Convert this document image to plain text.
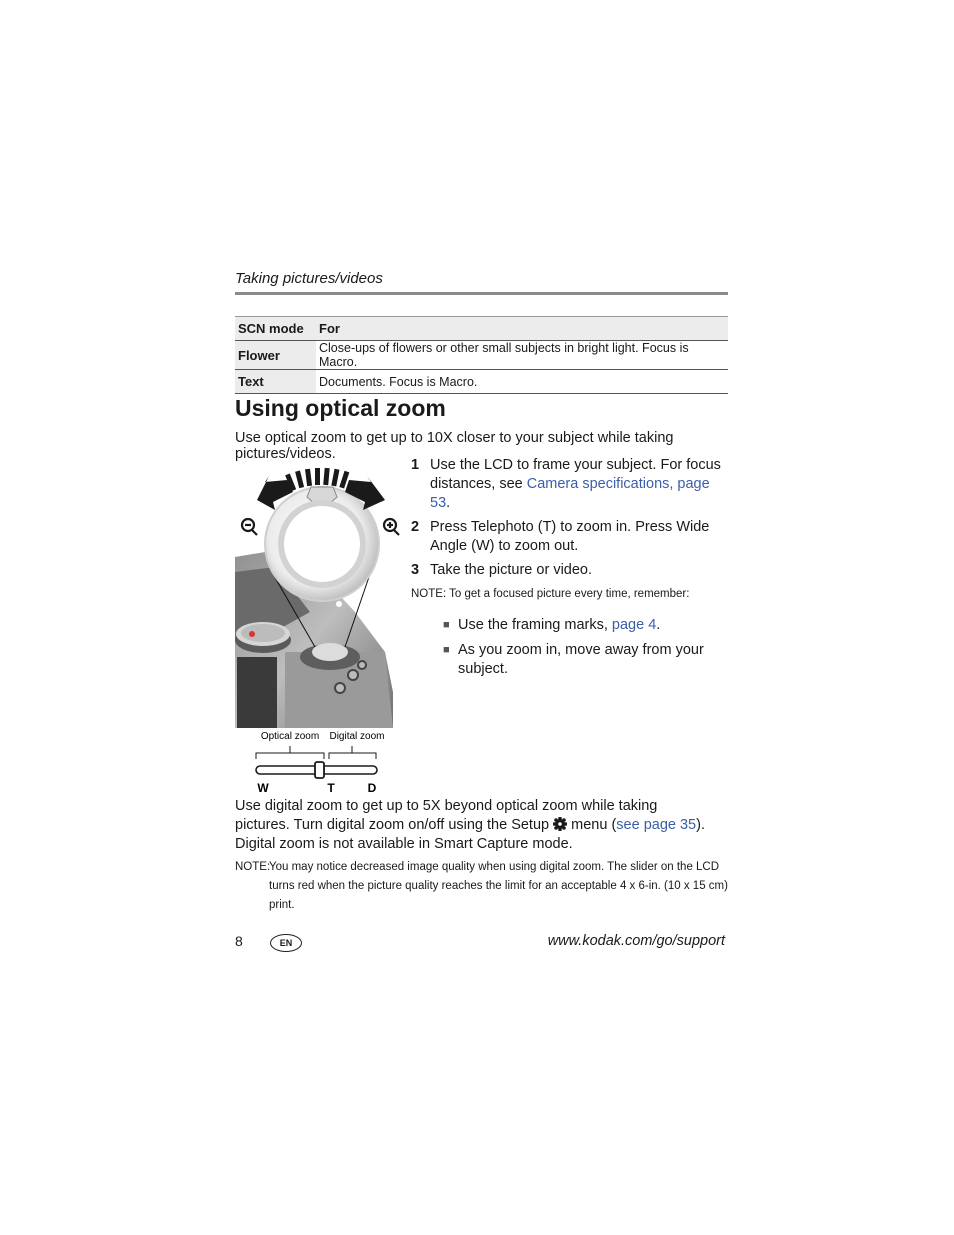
Taking pictures/videos
SCN mode	For
Flower	Close-ups of flowers or other small subjects in bright light. Focus is Macro.
Text	Documents. Focus is Macro.
Using optical zoom
Use optical zoom to get up to 10X closer to your subject while taking pictures/videos.
Optical zoom Digital zoom
W	T	D
1 Use the LCD to frame your subject. For focus distances, see Camera specifications, page 53.
2 Press Telephoto (T) to zoom in. Press Wide Angle (W) to zoom out.
3 Take the picture or video.
NOTE: To get a focused picture every time, remember:
■ Use the framing marks, page 4.
■ As you zoom in, move away from your subject.
Use digital zoom to get up to 5X beyond optical zoom while taking pictures. Turn digital zoom on/off using the Setup  menu (see page 35). Digital zoom is not available in Smart Capture mode.
NOTE:
You may notice decreased image quality when using digital zoom. The slider on the LCD turns red when the picture quality reaches the limit for an acceptable 4 x 6-in. (10 x 15 cm) print.
8	EN	www.kodak.com/go/support
